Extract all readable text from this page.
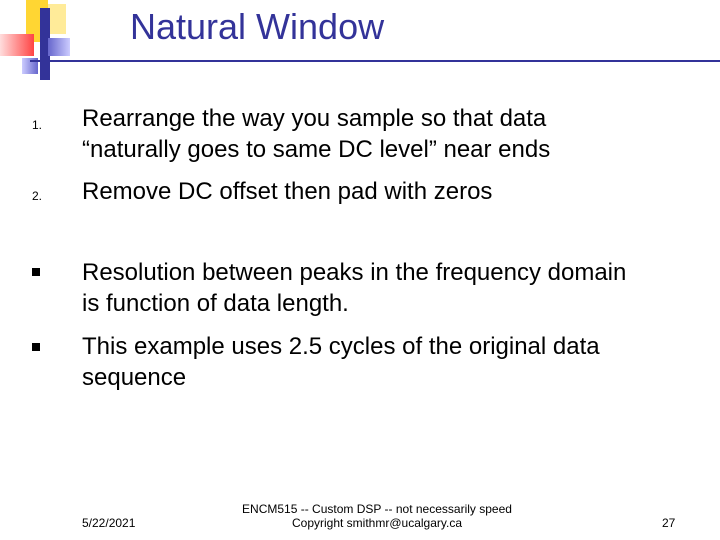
Natural Window
1. Rearrange the way you sample so that data
“naturally goes to same DC level” near ends
2. Remove DC offset then pad with zeros
Resolution between peaks in the frequency domain
is function of data length.
This example uses 2.5 cycles of the original data
sequence
5/22/2021
ENCM515 -- Custom DSP -- not necessarily speed
Copyright smithmr@ucalgary.ca	27
